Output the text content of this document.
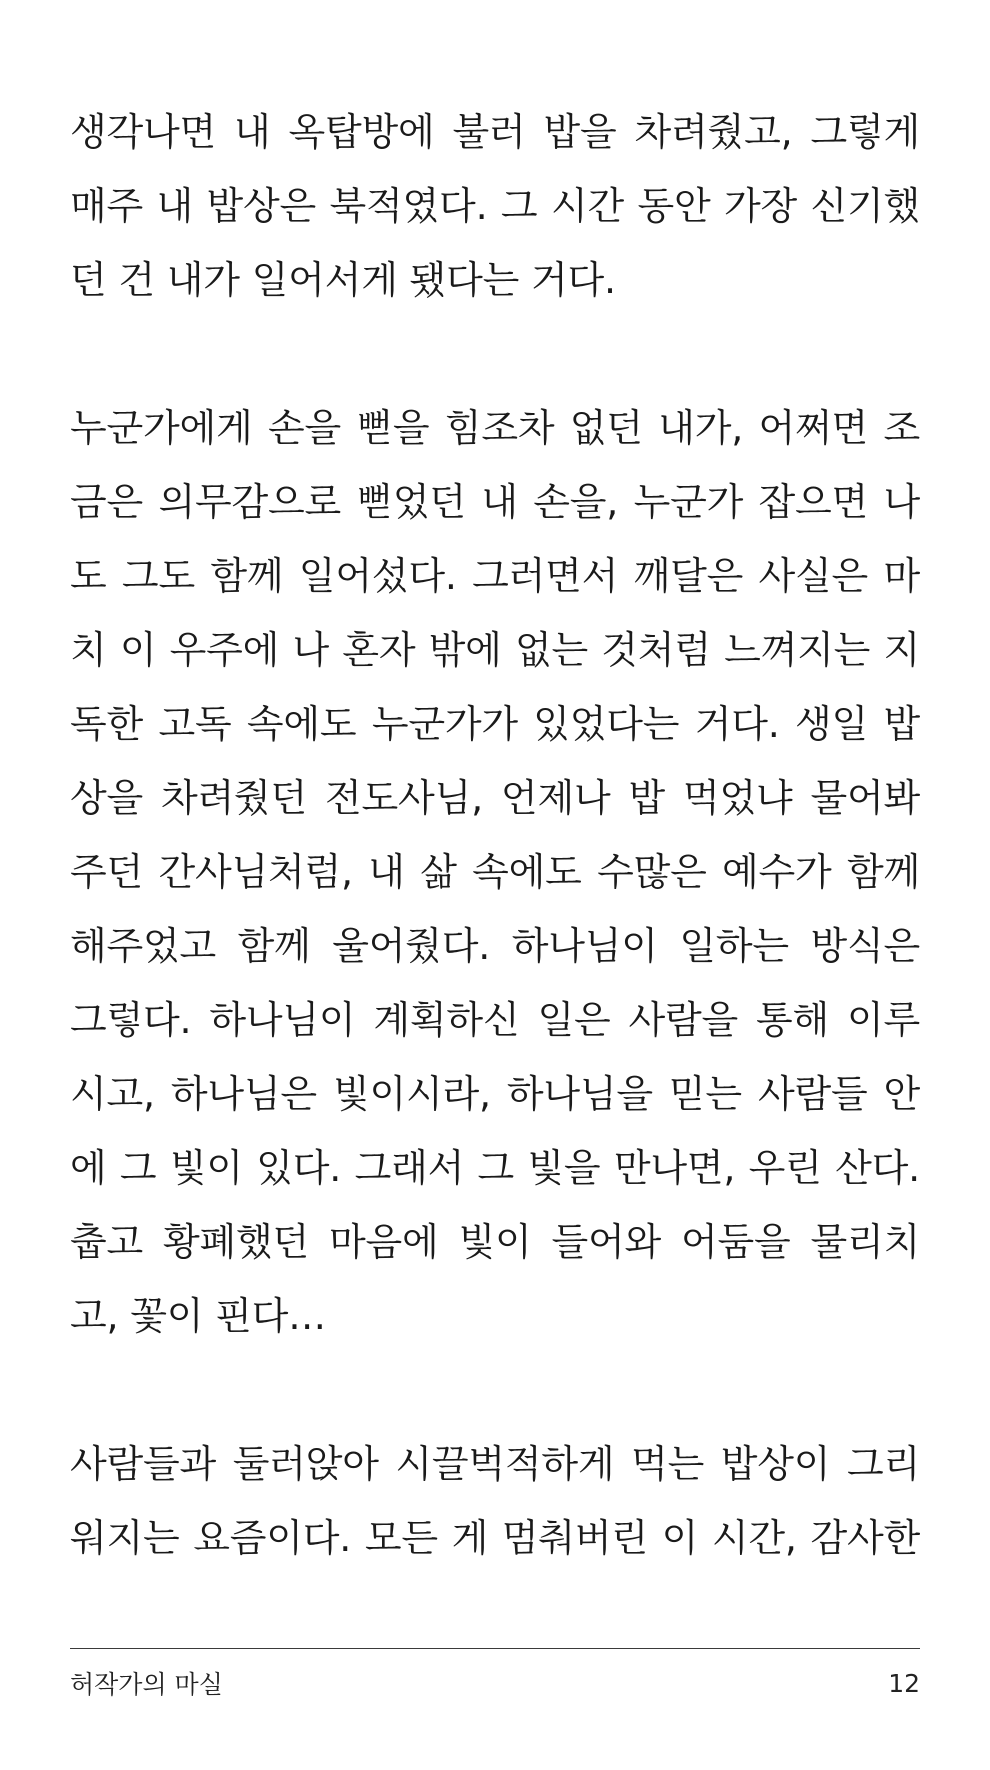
생각나면 내 옥탑방에 불러 밥을 차려줬고, 그렇게
매주 내 밥상은 북적였다. 그 시간 동안 가장 신기했
던 건 내가 일어서게 됐다는 거다.
누군가에게 손을 뻗을 힘조차 없던 내가, 어쩌면 조
금은 의무감으로 뻗었던 내 손을, 누군가 잡으면 나
도 그도 함께 일어섰다. 그러면서 깨달은 사실은 마
치 이 우주에 나 혼자 밖에 없는 것처럼 느껴지는 지
독한 고독 속에도 누군가가 있었다는 거다. 생일 밥
상을 차려줬던 전도사님, 언제나 밥 먹었냐 물어봐
주던 간사님처럼, 내 삶 속에도 수많은 예수가 함께
해주었고 함께 울어줬다. 하나님이 일하는 방식은
그렇다. 하나님이 계획하신 일은 사람을 통해 이루
시고, 하나님은 빛이시라, 하나님을 믿는 사람들 안
에 그 빛이 있다. 그래서 그 빛을 만나면, 우린 산다.
춥고 황폐했던 마음에 빛이 들어와 어둠을 물리치
고, 꽃이 핀다…
사람들과 둘러앉아 시끌벅적하게 먹는 밥상이 그리
워지는 요즘이다. 모든 게 멈춰버린 이 시간, 감사한
허작가의 마실	12
